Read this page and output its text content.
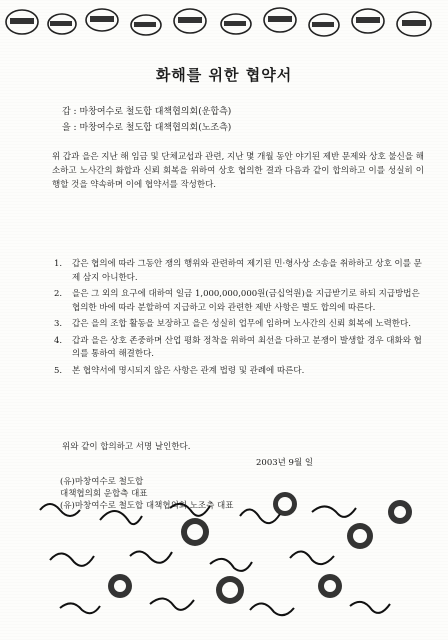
화해를 위한 협약서
갑 : 마창여수로 철도합 대책협의회(운합측)
을 : 마창여수로 철도합 대책협의회(노조측)
위 갑과 을은 지난 해 임금 및 단체교섭과 관련, 지난 몇 개월 동안 야기된 제반 문제와 상호 불신을 해소하고 노사간의 화합과 신뢰 회복을 위하여 상호 협의한 결과 다음과 같이 합의하고 이를 성실히 이행할 것을 약속하며 이에 협약서를 작성한다.
1. 갑은 협의에 따라 그동안 쟁의 행위와 관련하여 제기된 민·형사상 소송을 취하하고 상호 이를 문제 삼지 아니한다.
2. 을은 그 외의 요구에 대하여 일금 1,000,000,000원(금십억원)을 지급받기로 하되 지급방법은 협의한 바에 따라 분할하여 지급하고 이와 관련한 제반 사항은 별도 합의에 따른다.
3. 갑은 을의 조합 활동을 보장하고 을은 성실히 업무에 임하며 노사간의 신뢰 회복에 노력한다.
4. 갑과 을은 상호 존중하며 산업 평화 정착을 위하여 최선을 다하고 분쟁이 발생할 경우 대화와 협의를 통하여 해결한다.
5. 본 협약서에 명시되지 않은 사항은 관계 법령 및 관례에 따른다.
위와 같이 합의하고 서명 날인한다.
2003년 9월 일
(유)마창여수로 철도합
대책협의회 운합측 대표
(유)마창여수로 철도합 대책협의회 노조측 대표
